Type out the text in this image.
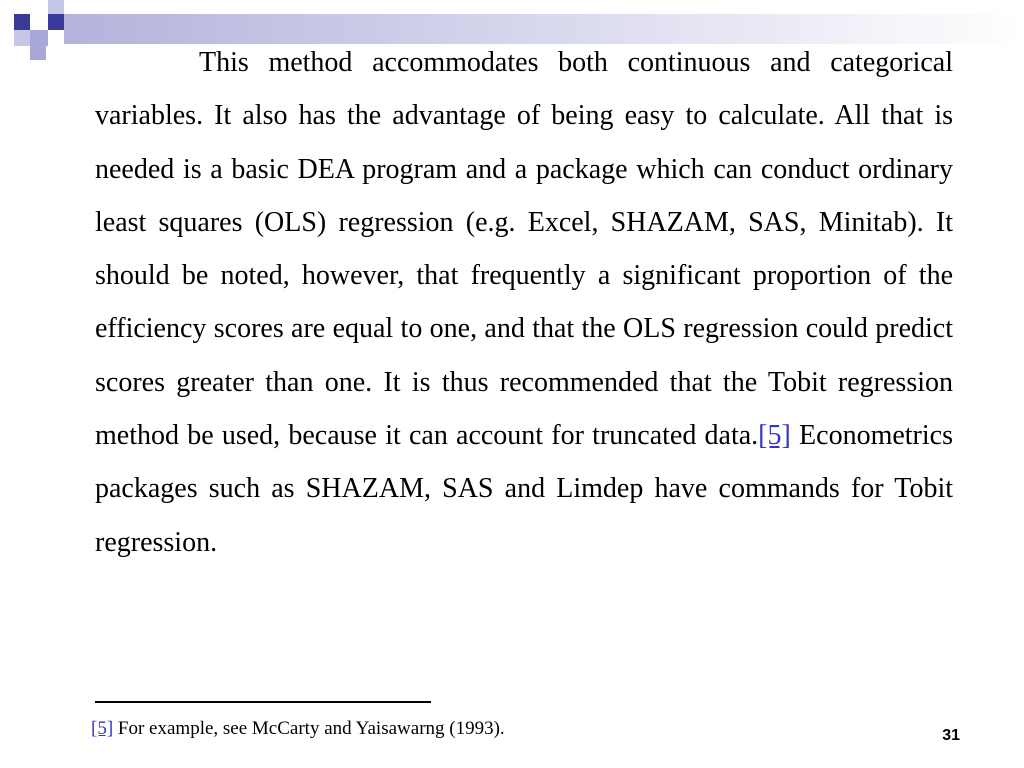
This method accommodates both continuous and categorical variables. It also has the advantage of being easy to calculate. All that is needed is a basic DEA program and a package which can conduct ordinary least squares (OLS) regression (e.g. Excel, SHAZAM, SAS, Minitab). It should be noted, however, that frequently a significant proportion of the efficiency scores are equal to one, and that the OLS regression could predict scores greater than one. It is thus recommended that the Tobit regression method be used, because it can account for truncated data.[5] Econometrics packages such as SHAZAM, SAS and Limdep have commands for Tobit regression.

[5] For example, see McCarty and Yaisawarng (1993).	31
